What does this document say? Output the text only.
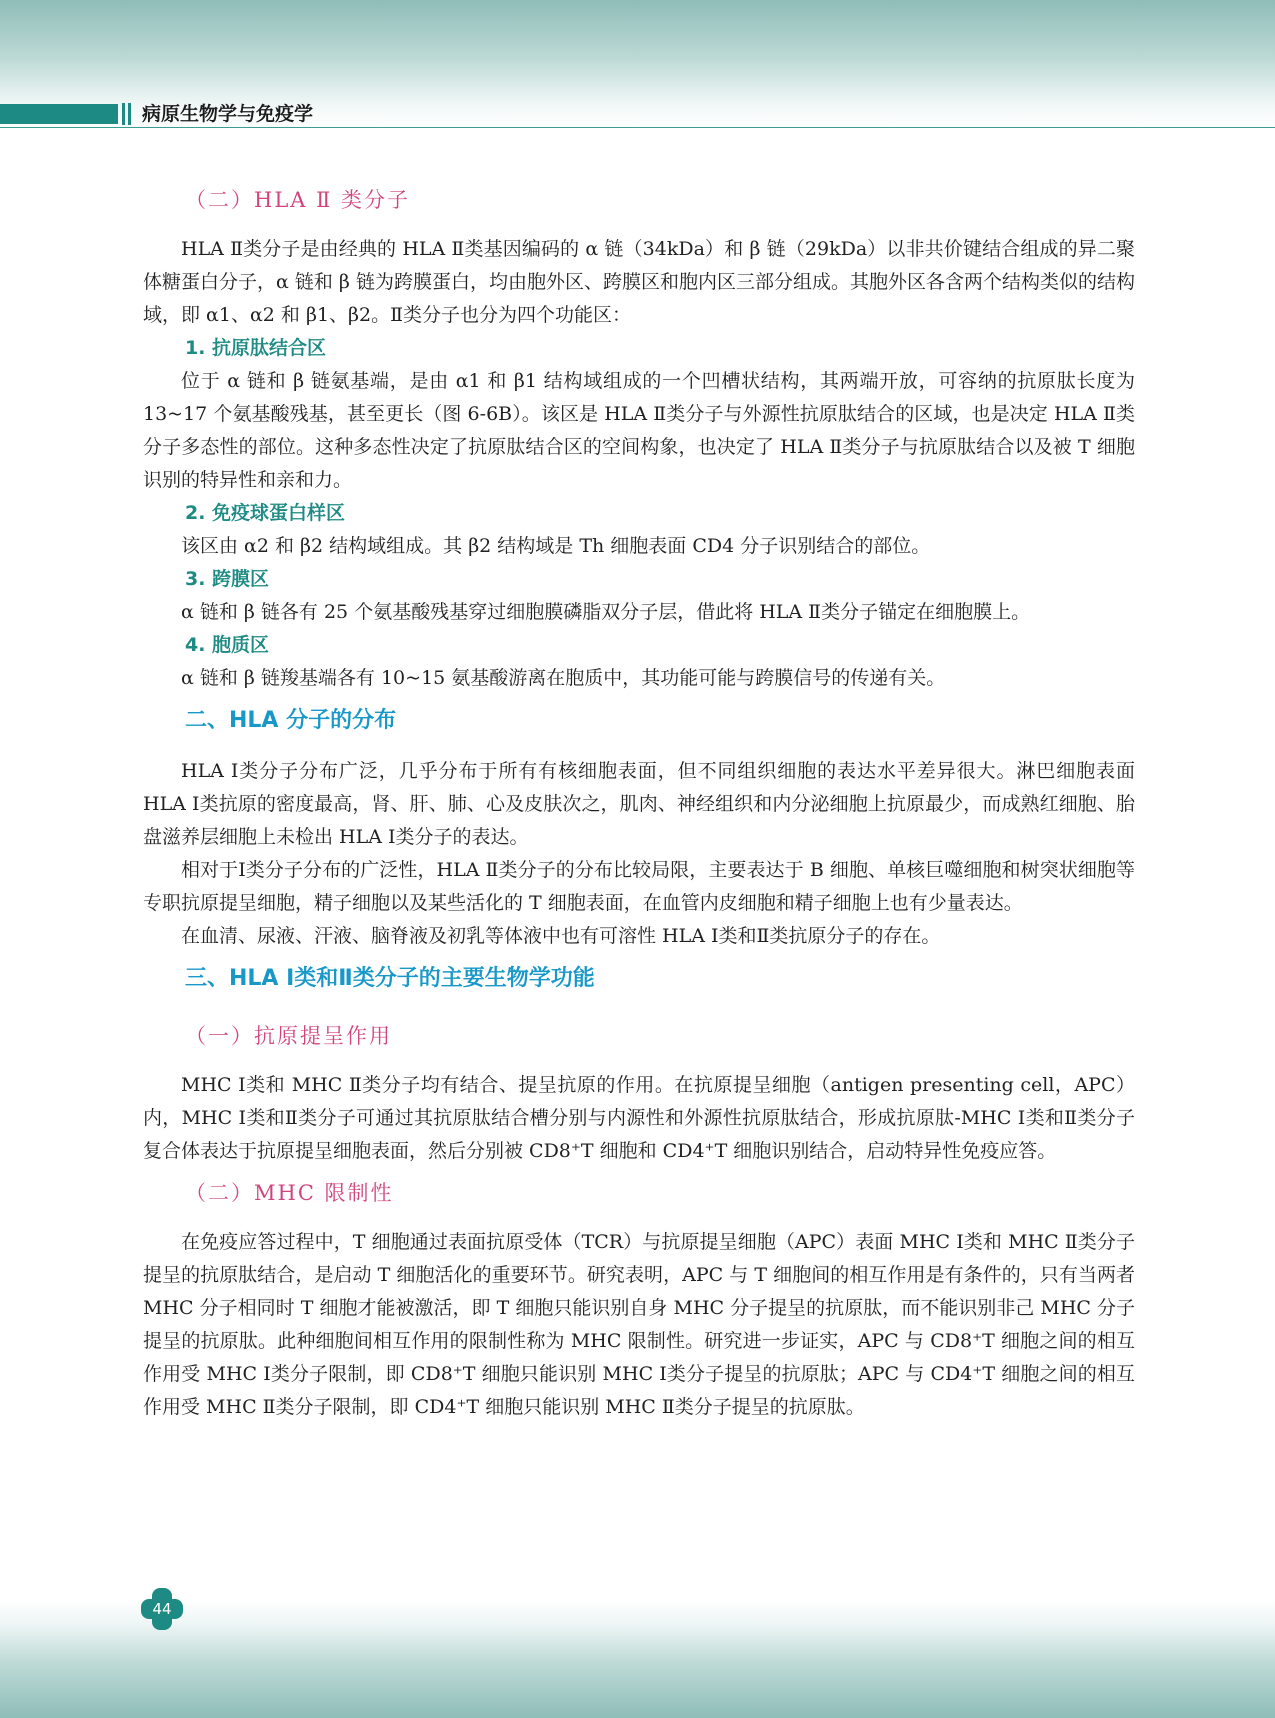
病原生物学与免疫学
（二）HLA Ⅱ 类分子

HLA Ⅱ类分子是由经典的 HLA Ⅱ类基因编码的 α 链（34kDa）和 β 链（29kDa）以非共价键结合组成的异二聚体糖蛋白分子，α 链和 β 链为跨膜蛋白，均由胞外区、跨膜区和胞内区三部分组成。其胞外区各含两个结构类似的结构域，即 α1、α2 和 β1、β2。Ⅱ类分子也分为四个功能区：

1. 抗原肽结合区

位于 α 链和 β 链氨基端，是由 α1 和 β1 结构域组成的一个凹槽状结构，其两端开放，可容纳的抗原肽长度为 13~17 个氨基酸残基，甚至更长（图 6-6B）。该区是 HLA Ⅱ类分子与外源性抗原肽结合的区域，也是决定 HLA Ⅱ类分子多态性的部位。这种多态性决定了抗原肽结合区的空间构象，也决定了 HLA Ⅱ类分子与抗原肽结合以及被 T 细胞识别的特异性和亲和力。

2. 免疫球蛋白样区

该区由 α2 和 β2 结构域组成。其 β2 结构域是 Th 细胞表面 CD4 分子识别结合的部位。

3. 跨膜区

α 链和 β 链各有 25 个氨基酸残基穿过细胞膜磷脂双分子层，借此将 HLA Ⅱ类分子锚定在细胞膜上。

4. 胞质区

α 链和 β 链羧基端各有 10~15 氨基酸游离在胞质中，其功能可能与跨膜信号的传递有关。

二、HLA 分子的分布

HLA Ⅰ类分子分布广泛，几乎分布于所有有核细胞表面，但不同组织细胞的表达水平差异很大。淋巴细胞表面 HLA Ⅰ类抗原的密度最高，肾、肝、肺、心及皮肤次之，肌肉、神经组织和内分泌细胞上抗原最少，而成熟红细胞、胎盘滋养层细胞上未检出 HLA Ⅰ类分子的表达。

相对于Ⅰ类分子分布的广泛性，HLA Ⅱ类分子的分布比较局限，主要表达于 B 细胞、单核巨噬细胞和树突状细胞等专职抗原提呈细胞，精子细胞以及某些活化的 T 细胞表面，在血管内皮细胞和精子细胞上也有少量表达。

在血清、尿液、汗液、脑脊液及初乳等体液中也有可溶性 HLA Ⅰ类和Ⅱ类抗原分子的存在。

三、HLA Ⅰ类和Ⅱ类分子的主要生物学功能
（一）抗原提呈作用

MHC Ⅰ类和 MHC Ⅱ类分子均有结合、提呈抗原的作用。在抗原提呈细胞（antigen presenting cell，APC）内，MHC Ⅰ类和Ⅱ类分子可通过其抗原肽结合槽分别与内源性和外源性抗原肽结合，形成抗原肽-MHC Ⅰ类和Ⅱ类分子复合体表达于抗原提呈细胞表面，然后分别被 CD8⁺T 细胞和 CD4⁺T 细胞识别结合，启动特异性免疫应答。

（二）MHC 限制性

在免疫应答过程中，T 细胞通过表面抗原受体（TCR）与抗原提呈细胞（APC）表面 MHC Ⅰ类和 MHC Ⅱ类分子提呈的抗原肽结合，是启动 T 细胞活化的重要环节。研究表明，APC 与 T 细胞间的相互作用是有条件的，只有当两者 MHC 分子相同时 T 细胞才能被激活，即 T 细胞只能识别自身 MHC 分子提呈的抗原肽，而不能识别非己 MHC 分子提呈的抗原肽。此种细胞间相互作用的限制性称为 MHC 限制性。研究进一步证实，APC 与 CD8⁺T 细胞之间的相互作用受 MHC Ⅰ类分子限制，即 CD8⁺T 细胞只能识别 MHC Ⅰ类分子提呈的抗原肽；APC 与 CD4⁺T 细胞之间的相互作用受 MHC Ⅱ类分子限制，即 CD4⁺T 细胞只能识别 MHC Ⅱ类分子提呈的抗原肽。

44
